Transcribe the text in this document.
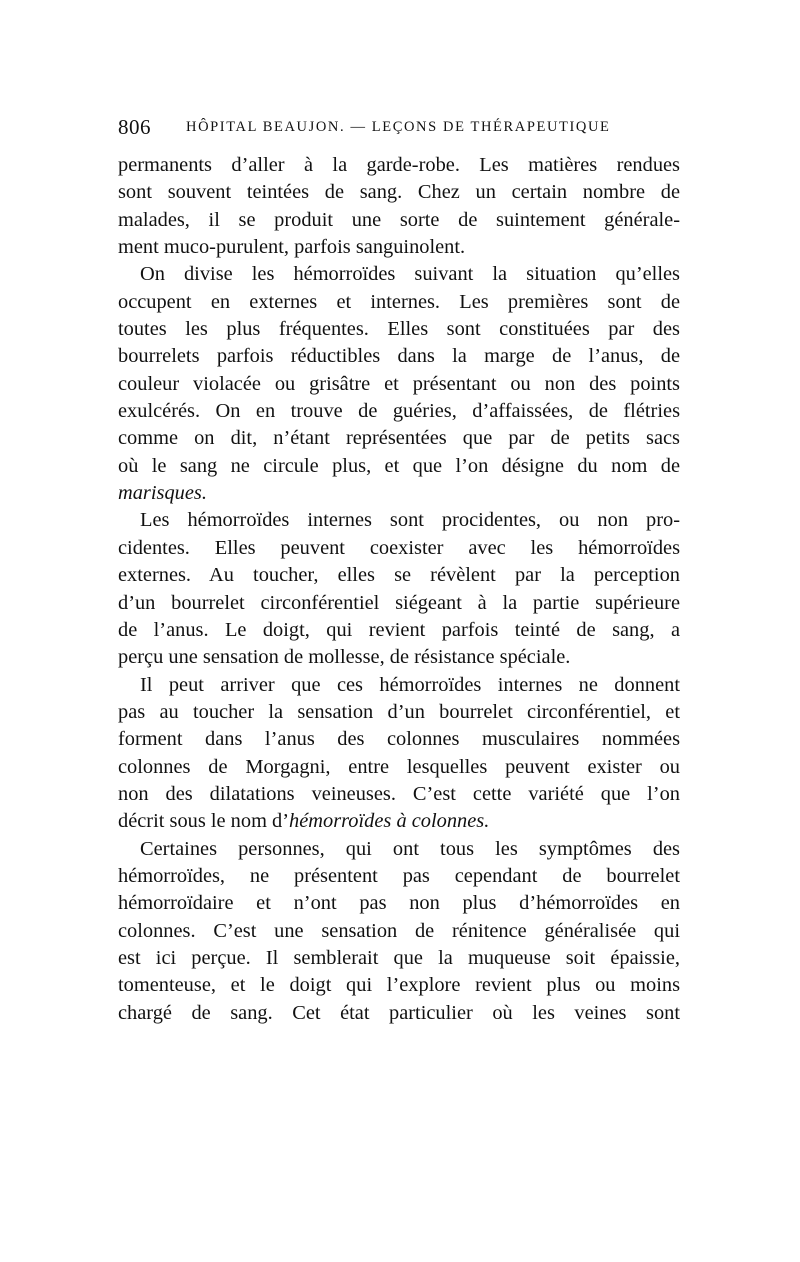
806 HÔPITAL BEAUJON. — LEÇONS DE THÉRAPEUTIQUE
permanents d’aller à la garde-robe. Les matières rendues
sont souvent teintées de sang. Chez un certain nombre de
malades, il se produit une sorte de suintement générale-
ment muco-purulent, parfois sanguinolent.
On divise les hémorroïdes suivant la situation qu’elles
occupent en externes et internes. Les premières sont de
toutes les plus fréquentes. Elles sont constituées par des
bourrelets parfois réductibles dans la marge de l’anus, de
couleur violacée ou grisâtre et présentant ou non des points
exulcérés. On en trouve de guéries, d’affaissées, de flétries
comme on dit, n’étant représentées que par de petits sacs
où le sang ne circule plus, et que l’on désigne du nom de
marisques.
Les hémorroïdes internes sont procidentes, ou non pro-
cidentes. Elles peuvent coexister avec les hémorroïdes
externes. Au toucher, elles se révèlent par la perception
d’un bourrelet circonférentiel siégeant à la partie supérieure
de l’anus. Le doigt, qui revient parfois teinté de sang, a
perçu une sensation de mollesse, de résistance spéciale.
Il peut arriver que ces hémorroïdes internes ne donnent
pas au toucher la sensation d’un bourrelet circonférentiel, et
forment dans l’anus des colonnes musculaires nommées
colonnes de Morgagni, entre lesquelles peuvent exister ou
non des dilatations veineuses. C’est cette variété que l’on
décrit sous le nom d’hémorroïdes à colonnes.
Certaines personnes, qui ont tous les symptômes des
hémorroïdes, ne présentent pas cependant de bourrelet
hémorroïdaire et n’ont pas non plus d’hémorroïdes en
colonnes. C’est une sensation de rénitence généralisée qui
est ici perçue. Il semblerait que la muqueuse soit épaissie,
tomenteuse, et le doigt qui l’explore revient plus ou moins
chargé de sang. Cet état particulier où les veines sont
